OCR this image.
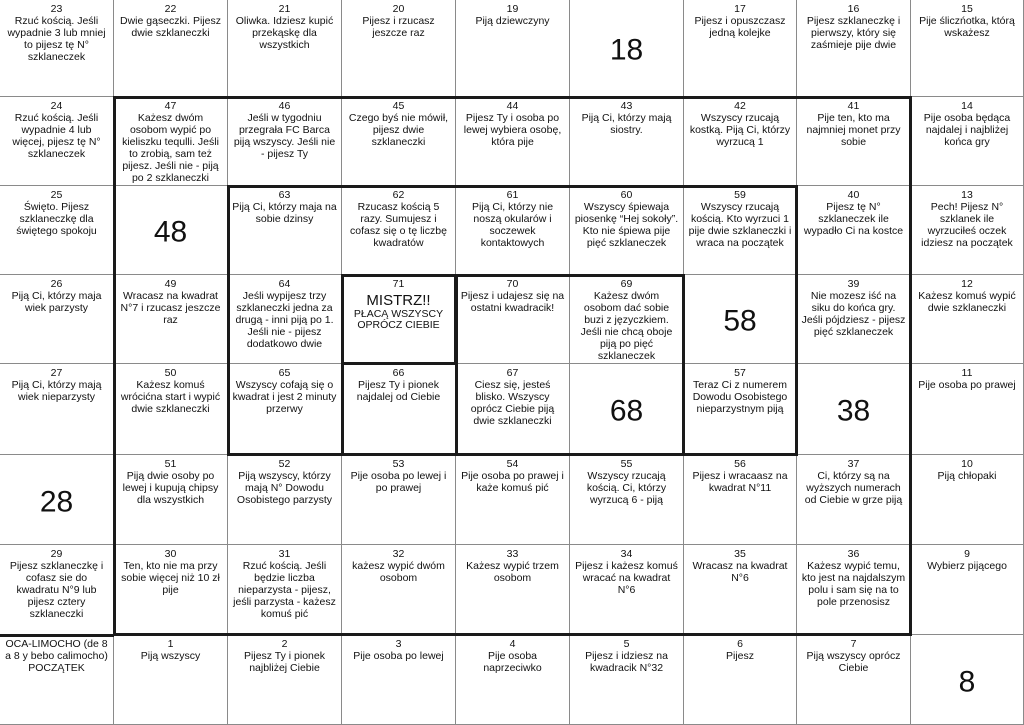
23
Rzuć kością. Jeśli wypadnie 3 lub mniej to pijesz tę N° szklaneczek
22
Dwie gąseczki. Pijesz dwie szklaneczki
21
Oliwka. Idziesz kupić przekąskę dla wszystkich
20
Pijesz i rzucasz jeszcze raz
19
Piją dziewczyny
18
17
Pijesz i opuszczasz jedną kolejke
16
Pijesz szklaneczkę i pierwszy, który się zaśmieje pije dwie
15
Pije śliczńotka, którą wskażesz
24
Rzuć kością. Jeśli wypadnie 4 lub więcej, pijesz tę N° szklaneczek
47
Każesz dwóm osobom wypić po kieliszku tequlli. Jeśli to zrobią, sam też pijesz. Jeśli nie - piją po 2 szklaneczki
46
Jeśli w tygodniu przegrała FC Barca piją wszyscy. Jeśli nie - pijesz Ty
45
Czego byś nie mówił, pijesz dwie szklaneczki
44
Pijesz Ty i osoba po lewej wybiera osobę, która pije
43
Piją Ci, którzy mają siostry.
42
Wszyscy rzucają kostką. Piją Ci, którzy wyrzucą 1
41
Pije ten, kto ma najmniej monet przy sobie
14
Pije osoba będąca najdalej i najbliżej końca gry
25
Święto. Pijesz szklaneczkę dla świętego spokoju	48
63
Piją Ci, którzy maja na sobie dzinsy
62
Rzucasz kością 5 razy. Sumujesz i cofasz się o tę liczbę kwadratów
61
Piją Ci, którzy nie noszą okularów i soczewek kontaktowych
60
Wszyscy śpiewaja piosenkę “Hej sokoły”. Kto nie śpiewa pije pięć szklaneczek
59
Wszyscy rzucają kością. Kto wyrzuci 1 pije dwie szklaneczki i wraca na początek
40
Pijesz tę N° szklaneczek ile wypadło Ci na kostce
13
Pech! Pijesz N° szklanek ile wyrzuciłeś oczek idziesz na początek
26
Piją Ci, którzy maja wiek parzysty
49
Wracasz na kwadrat N°7 i rzucasz jeszcze raz
64
Jeśli wypijesz trzy szklaneczki jedna za drugą - inni piją po 1. Jeśli nie - pijesz dodatkowo dwie
71
MISTRZ!!
PŁACĄ WSZYSCY OPRÓCZ CIEBIE
70
Pijesz i udajesz się na ostatni kwadracik!
69
Każesz dwóm osobom dać sobie buzi z języczkiem. Jeśli nie chcą oboje piją po pięć szklaneczek
58
39
Nie mozesz iść na siku do końca gry. Jeśli pójdziesz - pijesz pięć szklaneczek
12
Każesz komuś wypić dwie szklaneczki
27
Piją Ci, którzy mają wiek nieparzysty
50
Każesz komuś wrócićna start i wypić dwie szklaneczki
65
Wszyscy cofają się o kwadrat i jest 2 minuty przerwy
66
Pijesz Ty i pionek najdalej od Ciebie
67
Ciesz się, jesteś blisko. Wszyscy oprócz Ciebie piją dwie szklaneczki	68
57
Teraz Ci z numerem Dowodu Osobistego nieparzystnym piją	38
11
Pije osoba po prawej
28
51
Piją dwie osoby po lewej i kupują chipsy dla wszystkich
52
Piją wszyscy, którzy mają N° Dowodu Osobistego parzysty
53
Pije osoba po lewej i po prawej
54
Pije osoba po prawej i każe komuś pić
55
Wszyscy rzucają kością. Ci, którzy wyrzucą 6 - piją
56
Pijesz i wracaasz na kwadrat N°11
37
Ci, którzy są na wyższych numerach od Ciebie w grze piją
10
Piją chłopaki
29
Pijesz szklaneczkę i cofasz sie do kwadratu N°9 lub pijesz cztery szklaneczki
30
Ten, kto nie ma przy sobie więcej niż 10 zł pije
31
Rzuć kością. Jeśli będzie liczba nieparzysta - pijesz, jeśli parzysta - każesz komuś pić
32
każesz wypić dwóm osobom
33
Każesz wypić trzem osobom
34
Pijesz i każesz komuś wracać na kwadrat N°6
35
Wracasz na kwadrat N°6
36
Każesz wypić temu, kto jest na najdalszym polu i sam się na to pole przenosisz
9
Wybierz pijącego
OCA-LIMOCHO (de 8 a 8 y bebo calimocho) POCZĄTEK
1
Piją wszyscy
2
Pijesz Ty i pionek najbliżej Ciebie
3
Pije osoba po lewej
4
Pije osoba naprzeciwko
5
Pijesz i idziesz na kwadracik N°32
6
Pijesz
7
Piją wszyscy oprócz Ciebie	8
